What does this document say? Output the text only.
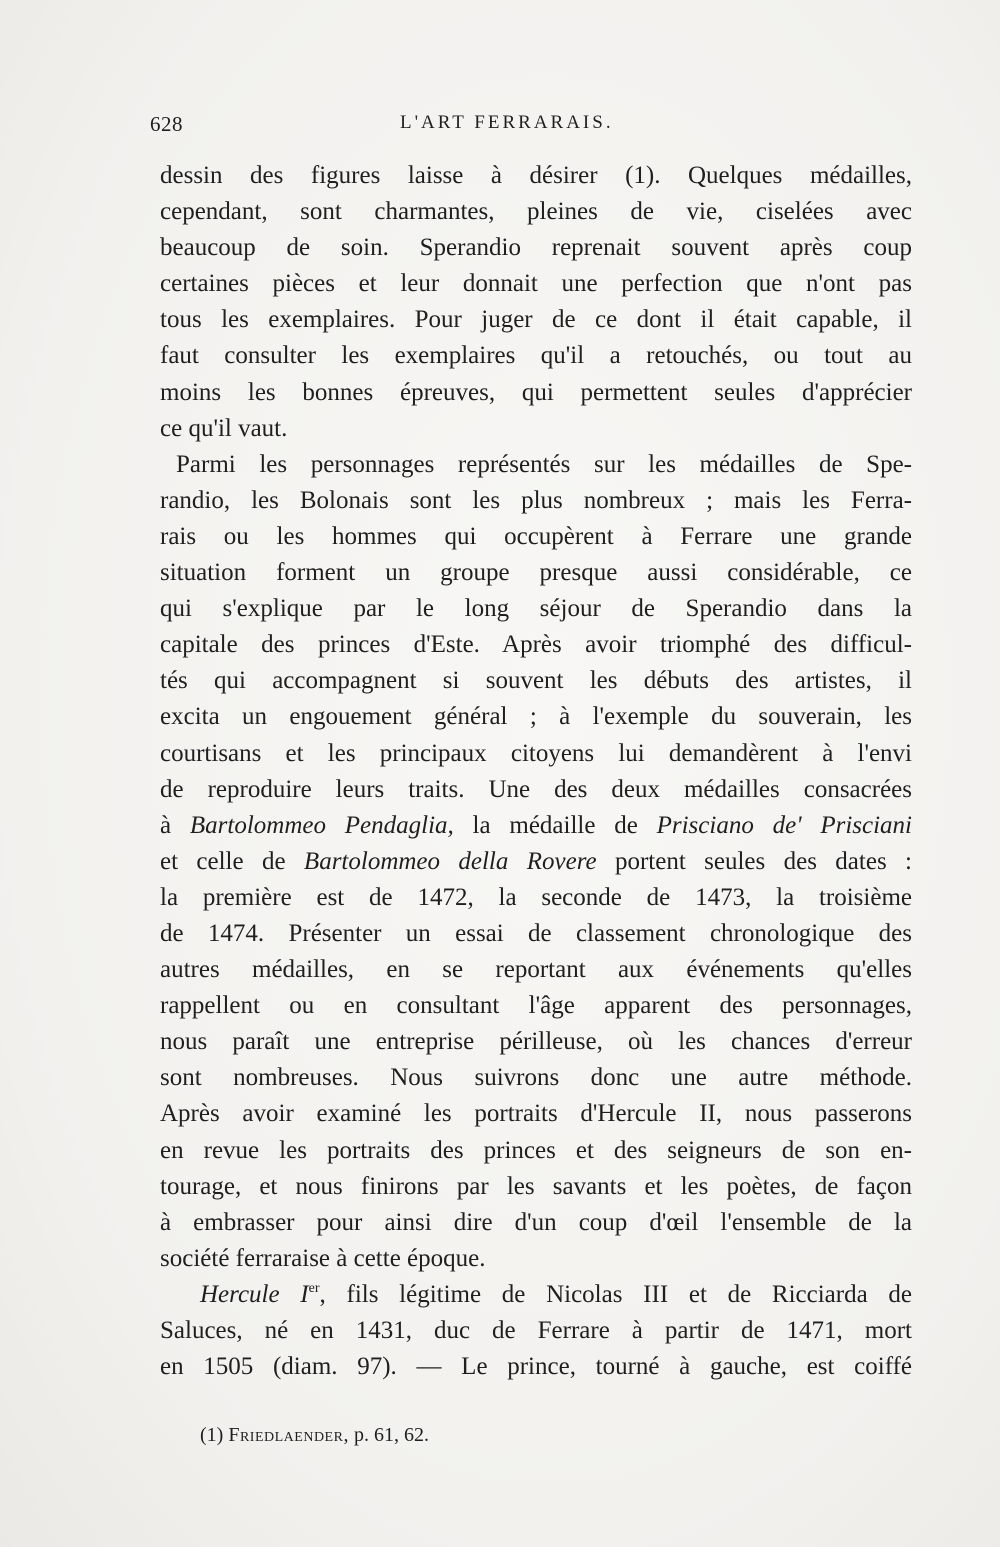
628	L'ART FERRARAIS.
dessin des figures laisse à désirer (1). Quelques médailles,
cependant, sont charmantes, pleines de vie, ciselées avec
beaucoup de soin. Sperandio reprenait souvent après coup
certaines pièces et leur donnait une perfection que n'ont pas
tous les exemplaires. Pour juger de ce dont il était capable, il
faut consulter les exemplaires qu'il a retouchés, ou tout au
moins les bonnes épreuves, qui permettent seules d'apprécier
ce qu'il vaut.
Parmi les personnages représentés sur les médailles de Spe-
randio, les Bolonais sont les plus nombreux ; mais les Ferra-
rais ou les hommes qui occupèrent à Ferrare une grande
situation forment un groupe presque aussi considérable, ce
qui s'explique par le long séjour de Sperandio dans la
capitale des princes d'Este. Après avoir triomphé des difficul-
tés qui accompagnent si souvent les débuts des artistes, il
excita un engouement général ; à l'exemple du souverain, les
courtisans et les principaux citoyens lui demandèrent à l'envi
de reproduire leurs traits. Une des deux médailles consacrées
à Bartolommeo Pendaglia, la médaille de Prisciano de' Prisciani
et celle de Bartolommeo della Rovere portent seules des dates :
la première est de 1472, la seconde de 1473, la troisième
de 1474. Présenter un essai de classement chronologique des
autres médailles, en se reportant aux événements qu'elles
rappellent ou en consultant l'âge apparent des personnages,
nous paraît une entreprise périlleuse, où les chances d'erreur
sont nombreuses. Nous suivrons donc une autre méthode.
Après avoir examiné les portraits d'Hercule II, nous passerons
en revue les portraits des princes et des seigneurs de son en-
tourage, et nous finirons par les savants et les poètes, de façon
à embrasser pour ainsi dire d'un coup d'œil l'ensemble de la
société ferraraise à cette époque.
Hercule Ier, fils légitime de Nicolas III et de Ricciarda de
Saluces, né en 1431, duc de Ferrare à partir de 1471, mort
en 1505 (diam. 97). — Le prince, tourné à gauche, est coiffé
(1) Friedlaender, p. 61, 62.
